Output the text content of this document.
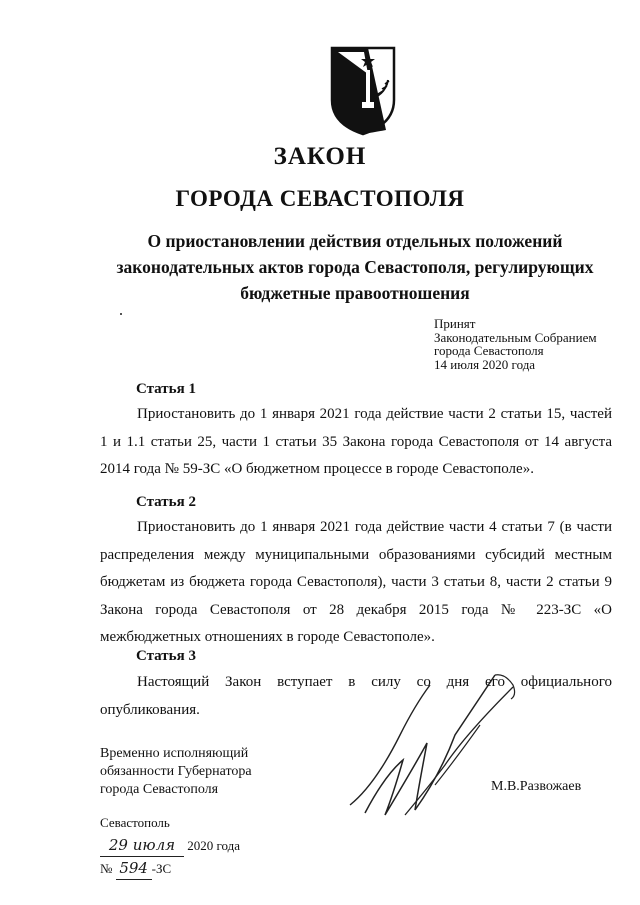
ЗАКОН
ГОРОДА СЕВАСТОПОЛЯ
О приостановлении действия отдельных положений законодательных актов города Севастополя, регулирующих бюджетные правоотношения
Принят
Законодательным Собранием
города Севастополя
14 июля 2020 года
Статья 1
Приостановить до 1 января 2021 года действие части 2 статьи 15, частей 1 и 1.1 статьи 25, части 1 статьи 35 Закона города Севастополя от 14 августа 2014 года № 59-ЗС «О бюджетном процессе в городе Севастополе».
Статья 2
Приостановить до 1 января 2021 года действие части 4 статьи 7 (в части распределения между муниципальными образованиями субсидий местным бюджетам из бюджета города Севастополя), части 3 статьи 8, части 2 статьи 9 Закона города Севастополя от 28 декабря 2015 года № 223-ЗС «О межбюджетных отношениях в городе Севастополе».
Статья 3
Настоящий Закон вступает в силу со дня его официального опубликования.
Временно исполняющий
обязанности Губернатора
города Севастополя	М.В.Развожаев
Севастополь
29 июля 2020 года
№ 594 -ЗС
